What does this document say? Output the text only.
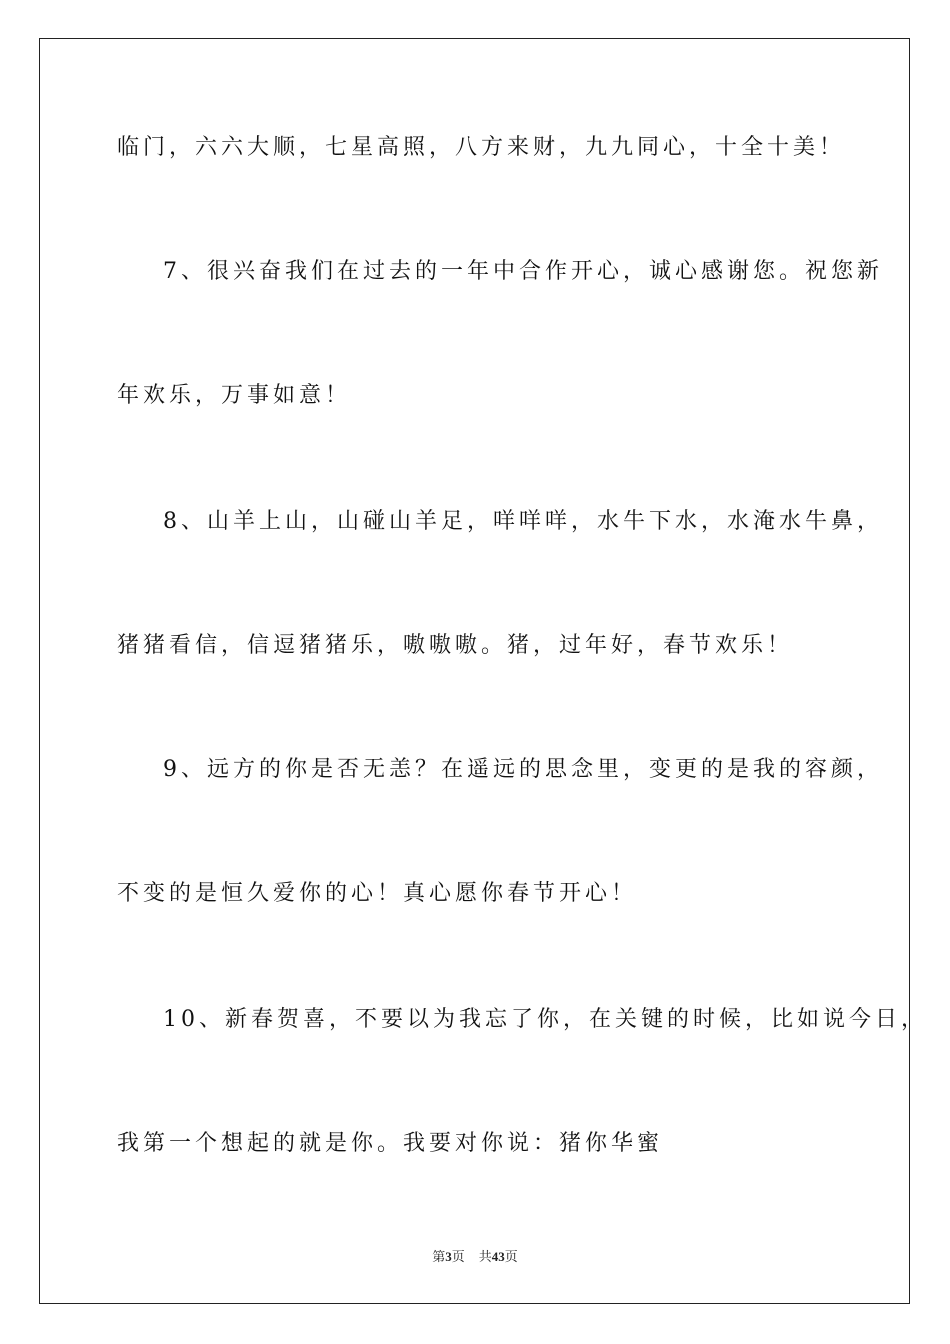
临门，六六大顺，七星高照，八方来财，九九同心，十全十美！
7、很兴奋我们在过去的一年中合作开心，诚心感谢您。祝您新
年欢乐，万事如意！
8、山羊上山，山碰山羊足，咩咩咩，水牛下水，水淹水牛鼻，
猪猪看信，信逗猪猪乐，嗷嗷嗷。猪，过年好，春节欢乐！
9、远方的你是否无恙？在遥远的思念里，变更的是我的容颜，
不变的是恒久爱你的心！真心愿你春节开心！
10、新春贺喜，不要以为我忘了你，在关键的时候，比如说今日，
我第一个想起的就是你。我要对你说：猪你华蜜
第3页 共43页
